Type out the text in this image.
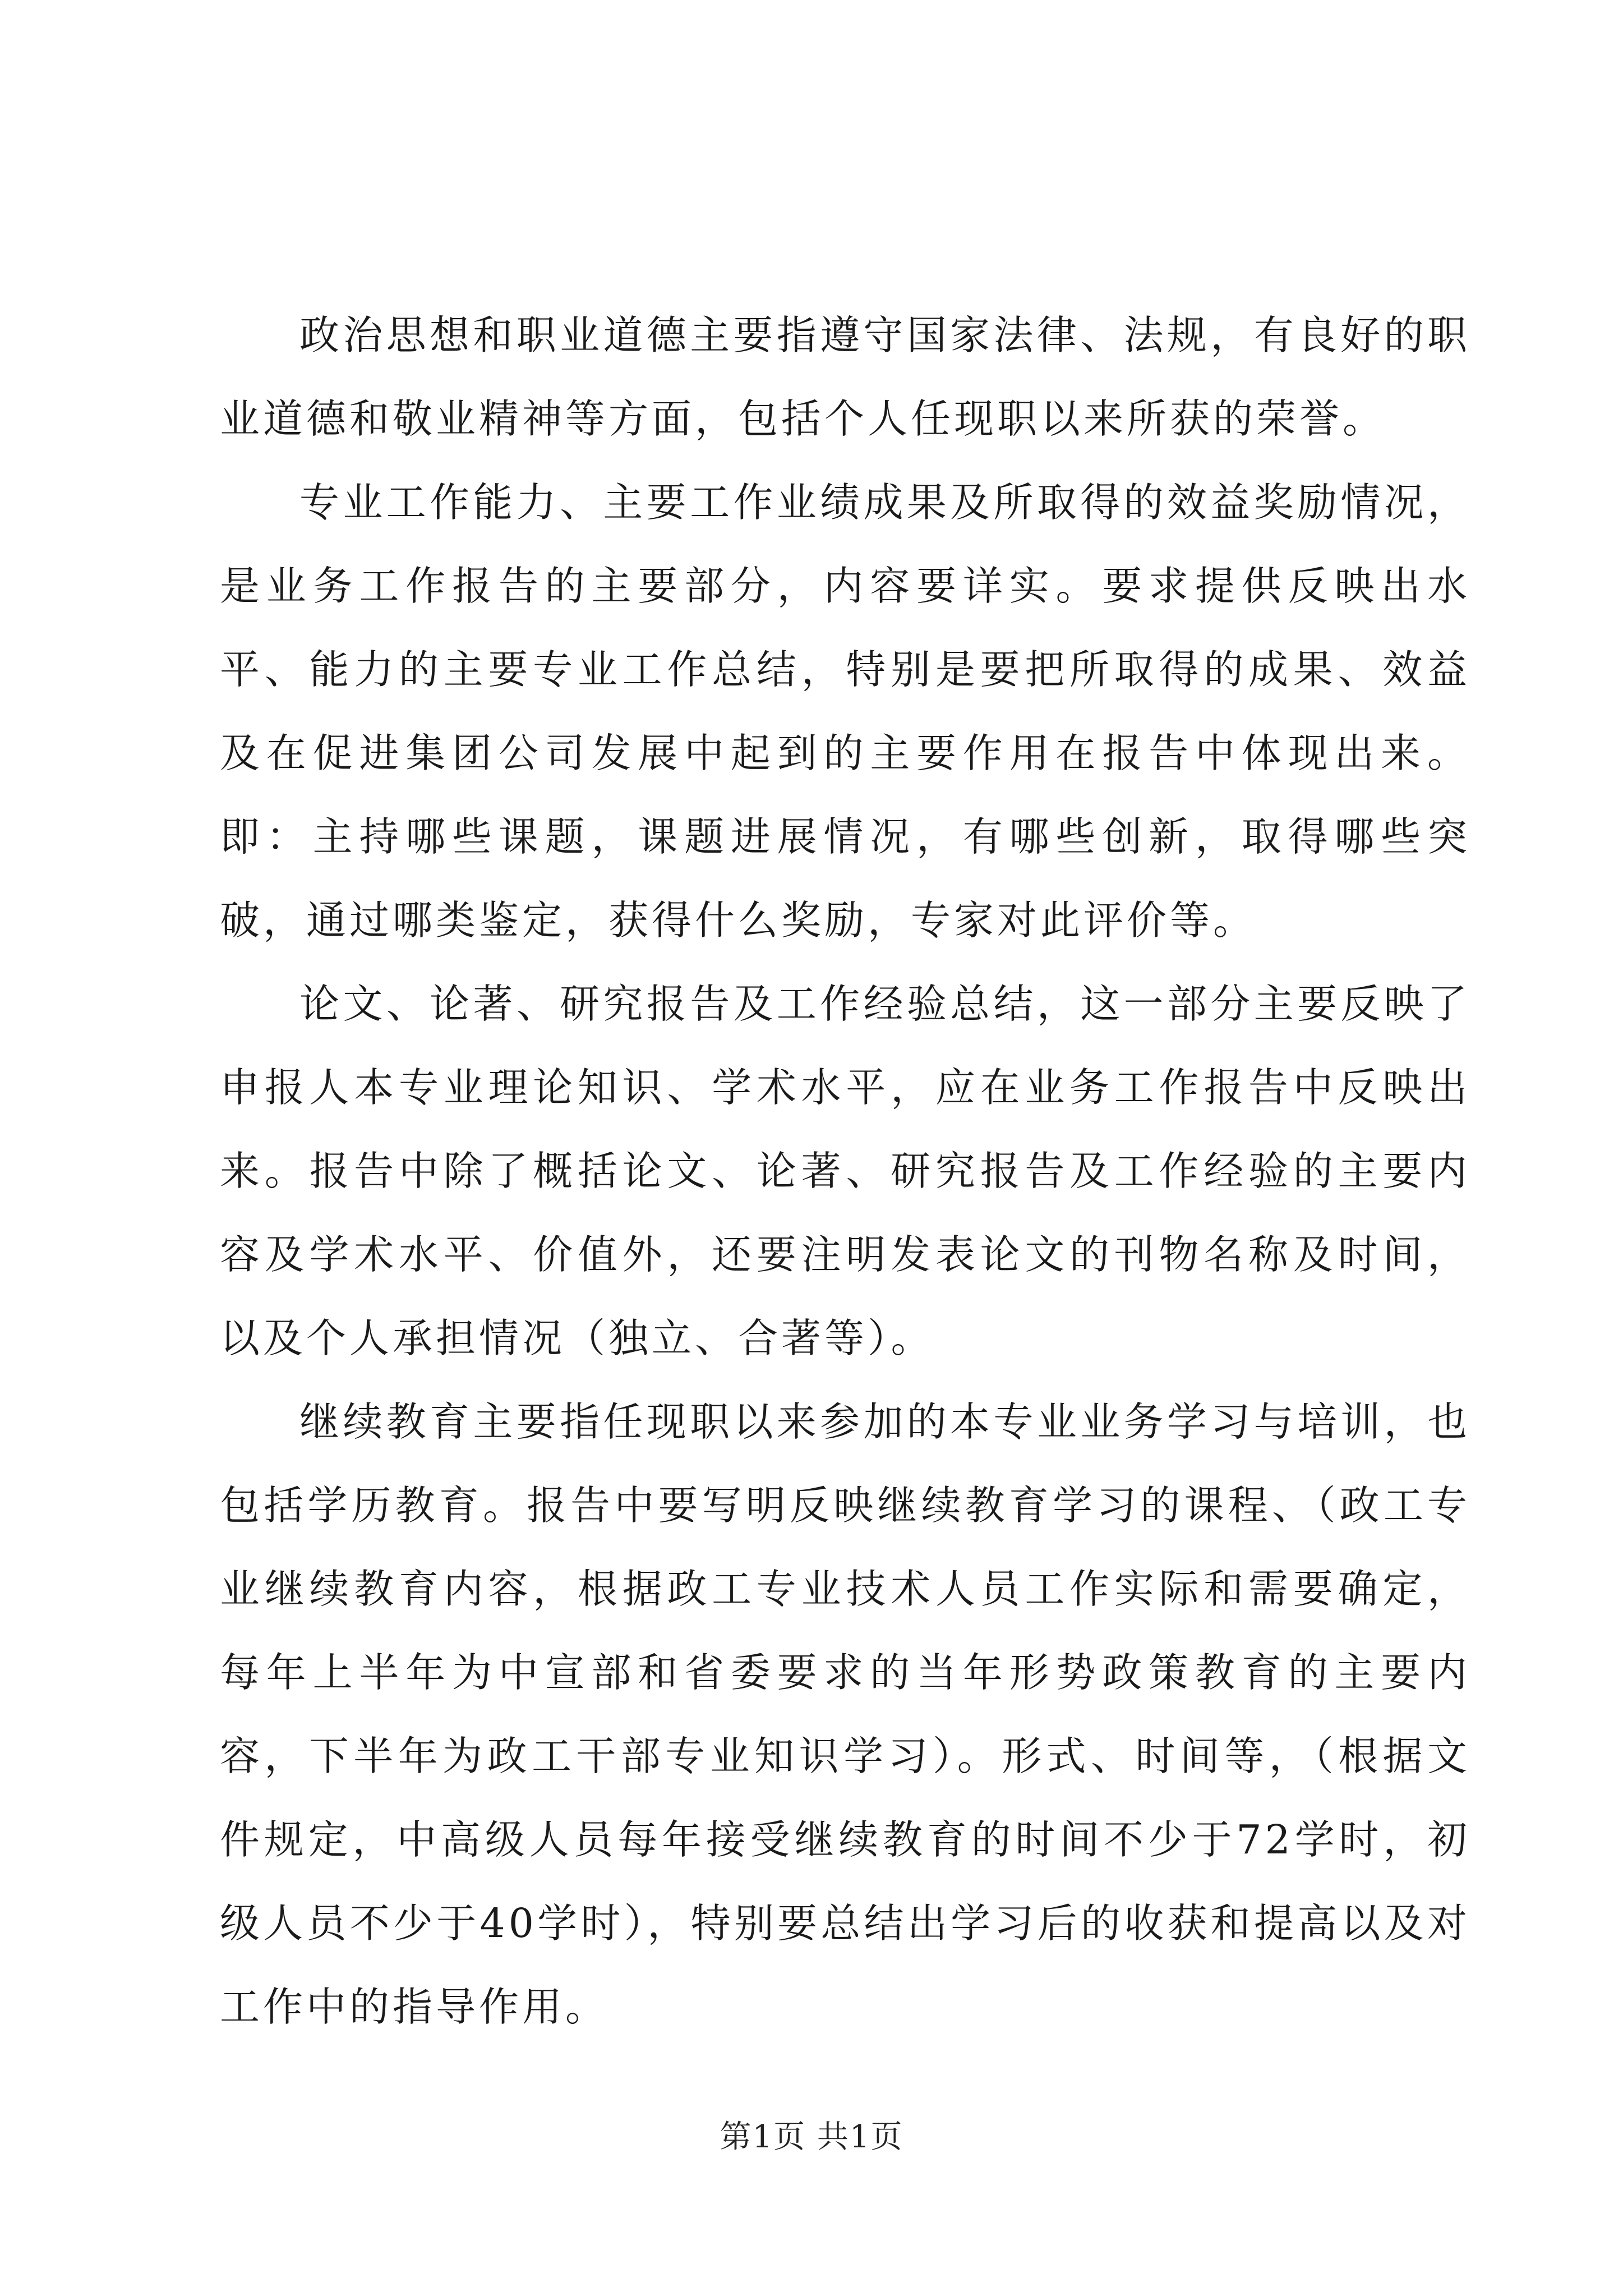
政治思想和职业道德主要指遵守国家法律、法规，有良好的职业道德和敬业精神等方面，包括个人任现职以来所获的荣誉。

专业工作能力、主要工作业绩成果及所取得的效益奖励情况，是业务工作报告的主要部分，内容要详实。要求提供反映出水平、能力的主要专业工作总结，特别是要把所取得的成果、效益及在促进集团公司发展中起到的主要作用在报告中体现出来。即：主持哪些课题，课题进展情况，有哪些创新，取得哪些突破，通过哪类鉴定，获得什么奖励，专家对此评价等。

论文、论著、研究报告及工作经验总结，这一部分主要反映了申报人本专业理论知识、学术水平，应在业务工作报告中反映出来。报告中除了概括论文、论著、研究报告及工作经验的主要内容及学术水平、价值外，还要注明发表论文的刊物名称及时间，以及个人承担情况（独立、合著等）。

继续教育主要指任现职以来参加的本专业业务学习与培训，也包括学历教育。报告中要写明反映继续教育学习的课程、（政工专业继续教育内容，根据政工专业技术人员工作实际和需要确定，每年上半年为中宣部和省委要求的当年形势政策教育的主要内容，下半年为政工干部专业知识学习）。形式、时间等，（根据文件规定，中高级人员每年接受继续教育的时间不少于72学时，初级人员不少于40学时），特别要总结出学习后的收获和提高以及对工作中的指导作用。

第1页 共1页
